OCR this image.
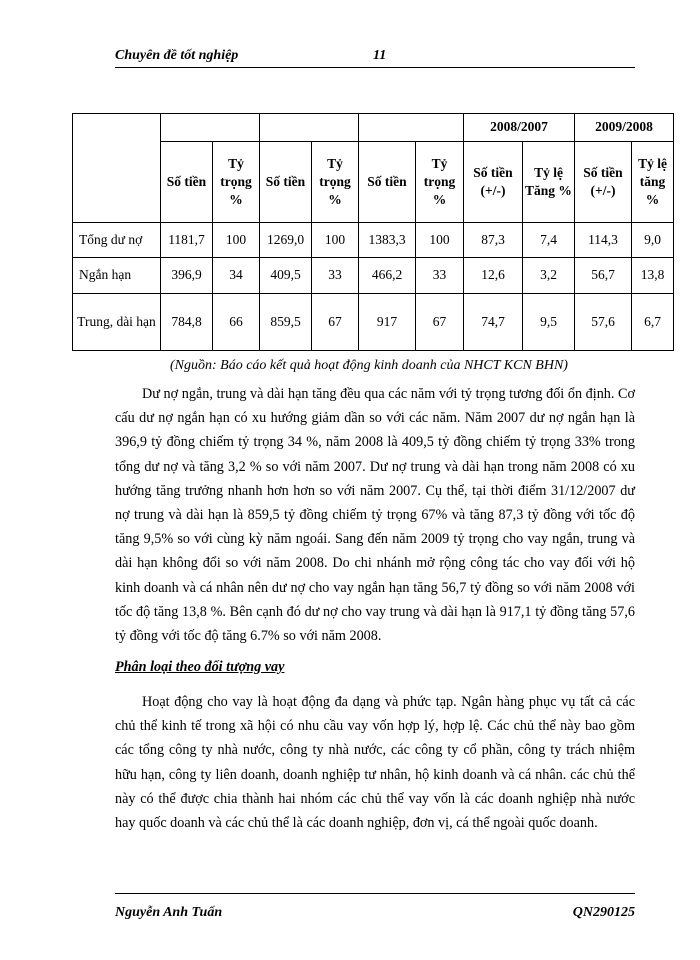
Chuyên đề tốt nghiệp	11
							2008/2007		2009/2008	
	Số tiền	Tỷ trọng %	Số tiền	Tỷ trọng %	Số tiền	Tỷ trọng %	Số tiền (+/-)	Tỷ lệ Tăng %	Số tiền (+/-)	Tỷ lệ tăng %
Tổng dư nợ	1181,7	100	1269,0	100	1383,3	100	87,3	7,4	114,3	9,0
Ngắn hạn	396,9	34	409,5	33	466,2	33	12,6	3,2	56,7	13,8
Trung, dài hạn	784,8	66	859,5	67	917	67	74,7	9,5	57,6	6,7
(Nguồn: Báo cáo kết quả hoạt động kinh doanh của NHCT KCN BHN)

Dư nợ ngắn, trung và dài hạn tăng đều qua các năm với tỷ trọng tương đối ổn định. Cơ cấu dư nợ ngắn hạn có xu hướng giảm dần so với các năm. Năm 2007 dư nợ ngắn hạn là 396,9 tỷ đồng chiếm tỷ trọng 34 %, năm 2008 là 409,5 tỷ đồng chiếm tỷ trọng 33% trong tổng dư nợ và tăng 3,2 % so với năm 2007. Dư nợ trung và dài hạn trong năm 2008 có xu hướng tăng trưởng nhanh hơn hơn so với năm 2007. Cụ thể, tại thời điểm 31/12/2007 dư nợ trung và dài hạn là 859,5 tỷ đồng chiếm tỷ trọng 67% và tăng 87,3 tỷ đồng với tốc độ tăng 9,5% so với cùng kỳ năm ngoái. Sang đến năm 2009 tỷ trọng cho vay ngắn, trung và dài hạn không đổi so với năm 2008. Do chi nhánh mở rộng công tác cho vay đối với hộ kinh doanh và cá nhân nên dư nợ cho vay ngắn hạn tăng 56,7 tỷ đồng so với năm 2008 với tốc độ tăng 13,8 %. Bên cạnh đó dư nợ cho vay trung và dài hạn là 917,1 tỷ đồng tăng 57,6 tỷ đồng với tốc độ tăng 6.7% so với năm 2008.

Phân loại theo đối tượng vay

Hoạt động cho vay là hoạt động đa dạng và phức tạp. Ngân hàng phục vụ tất cả các chủ thể kinh tế trong xã hội có nhu cầu vay vốn hợp lý, hợp lệ. Các chủ thể này bao gồm các tổng công ty nhà nước, công ty nhà nước, các công ty cổ phần, công ty trách nhiệm hữu hạn, công ty liên doanh, doanh nghiệp tư nhân, hộ kinh doanh và cá nhân. các chủ thể này có thể được chia thành hai nhóm các chủ thể vay vốn là các doanh nghiệp nhà nước hay quốc doanh và các chủ thể là các doanh nghiệp, đơn vị, cá thể ngoài quốc doanh.

Nguyễn Anh Tuấn	QN290125
